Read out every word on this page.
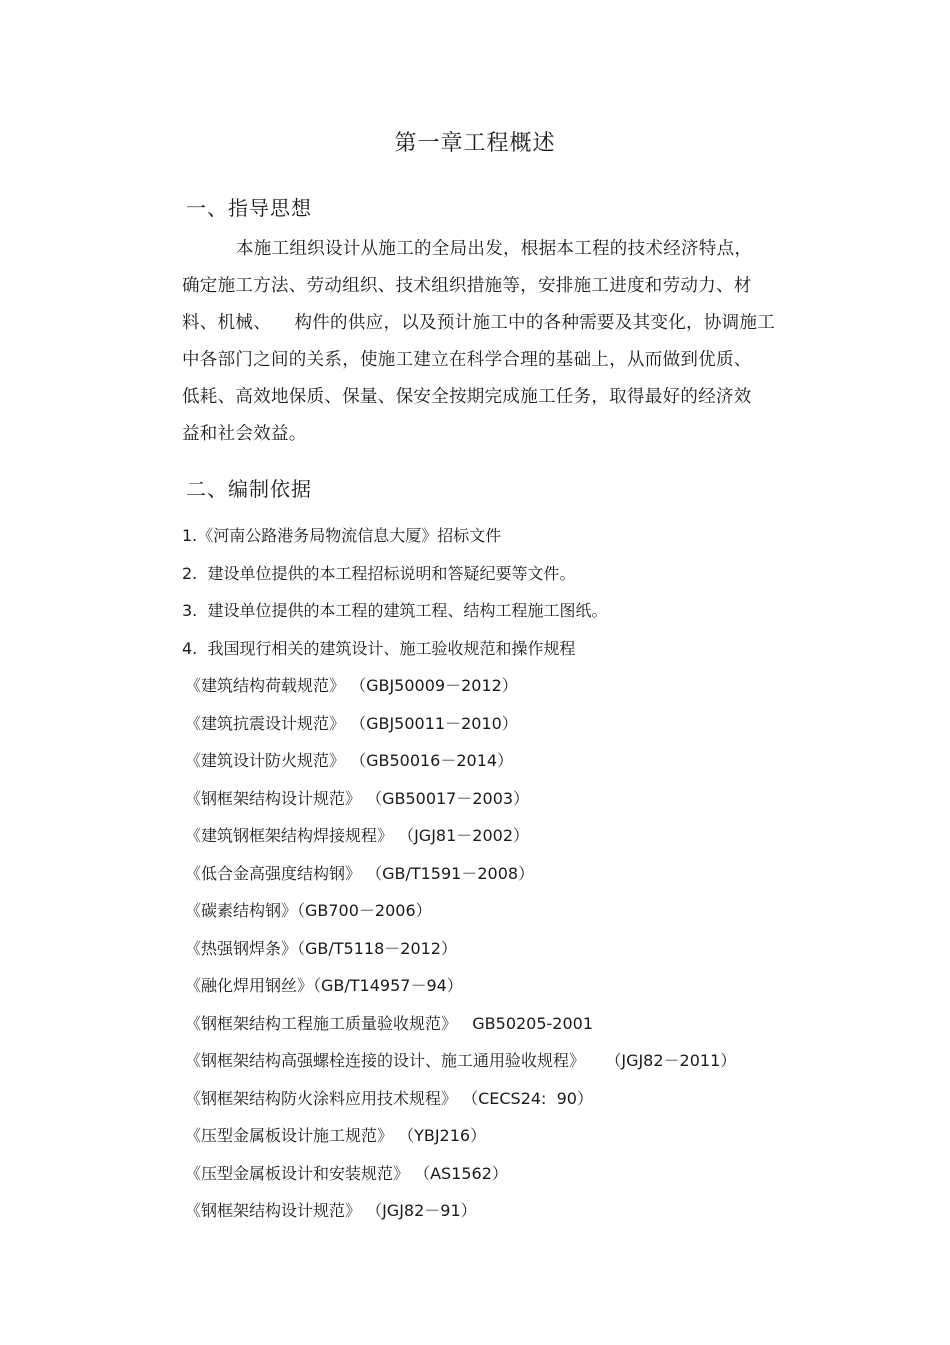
第一章工程概述
一、指导思想
本施工组织设计从施工的全局出发，根据本工程的技术经济特点，
确定施工方法、劳动组织、技术组织措施等，安排施工进度和劳动力、材
料、机械、    构件的供应，以及预计施工中的各种需要及其变化，协调施工
中各部门之间的关系，使施工建立在科学合理的基础上，从而做到优质、
低耗、高效地保质、保量、保安全按期完成施工任务，取得最好的经济效
益和社会效益。
二、编制依据
1.《河南公路港务局物流信息大厦》招标文件
2.  建设单位提供的本工程招标说明和答疑纪要等文件。
3.  建设单位提供的本工程的建筑工程、结构工程施工图纸。
4.  我国现行相关的建筑设计、施工验收规范和操作规程
《建筑结构荷载规范》 （GBJ50009－2012）
《建筑抗震设计规范》 （GBJ50011－2010）
《建筑设计防火规范》 （GB50016－2014）
《钢框架结构设计规范》 （GB50017－2003）
《建筑钢框架结构焊接规程》 （JGJ81－2002）
《低合金高强度结构钢》 （GB/T1591－2008）
《碳素结构钢》（GB700－2006）
《热强钢焊条》（GB/T5118－2012）
《融化焊用钢丝》（GB/T14957－94）
《钢框架结构工程施工质量验收规范》   GB50205-2001
《钢框架结构高强螺栓连接的设计、施工通用验收规程》    （JGJ82－2011）
《钢框架结构防火涂料应用技术规程》 （CECS24:  90）
《压型金属板设计施工规范》 （YBJ216）
《压型金属板设计和安装规范》 （AS1562）
《钢框架结构设计规范》 （JGJ82－91）
